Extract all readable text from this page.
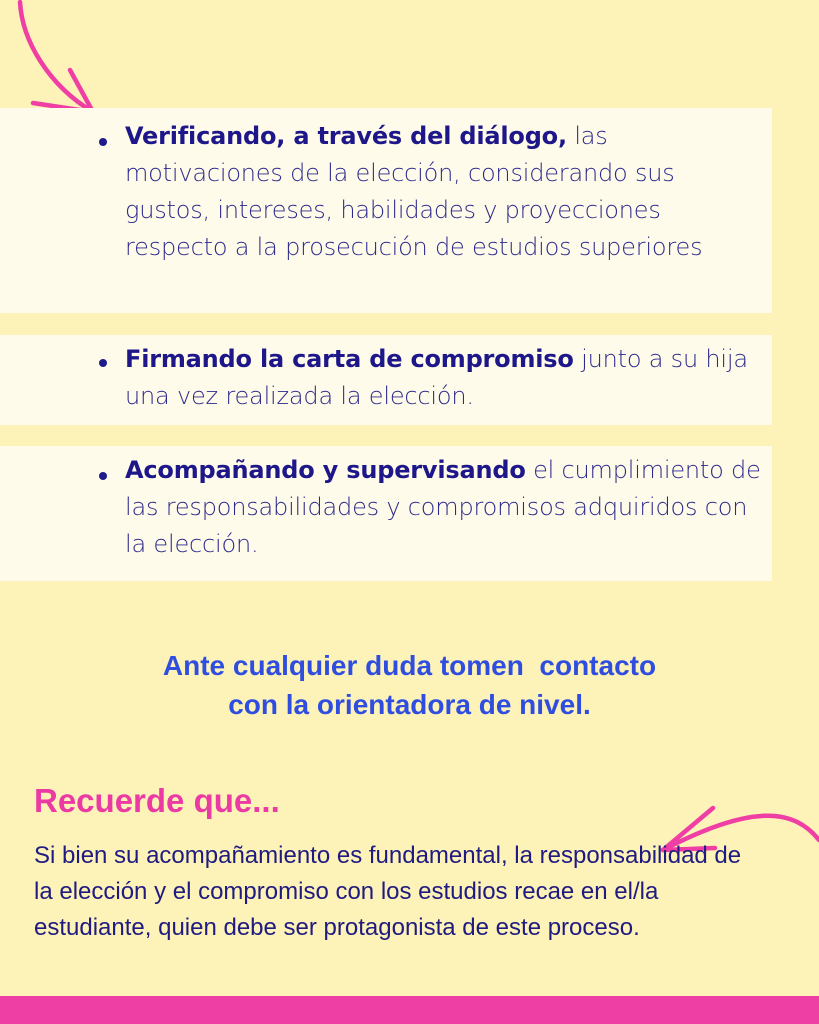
Verificando, a través del diálogo, las motivaciones de la elección, considerando sus gustos, intereses, habilidades y proyecciones respecto a la prosecución de estudios superiores

Firmando la carta de compromiso junto a su hija una vez realizada la elección.

Acompañando y supervisando el cumplimiento de las responsabilidades y compromisos adquiridos con la elección.

Ante cualquier duda tomen  contacto
con la orientadora de nivel.
Recuerde que...

Si bien su acompañamiento es fundamental, la responsabilidad de la elección y el compromiso con los estudios recae en el/la estudiante, quien debe ser protagonista de este proceso.
